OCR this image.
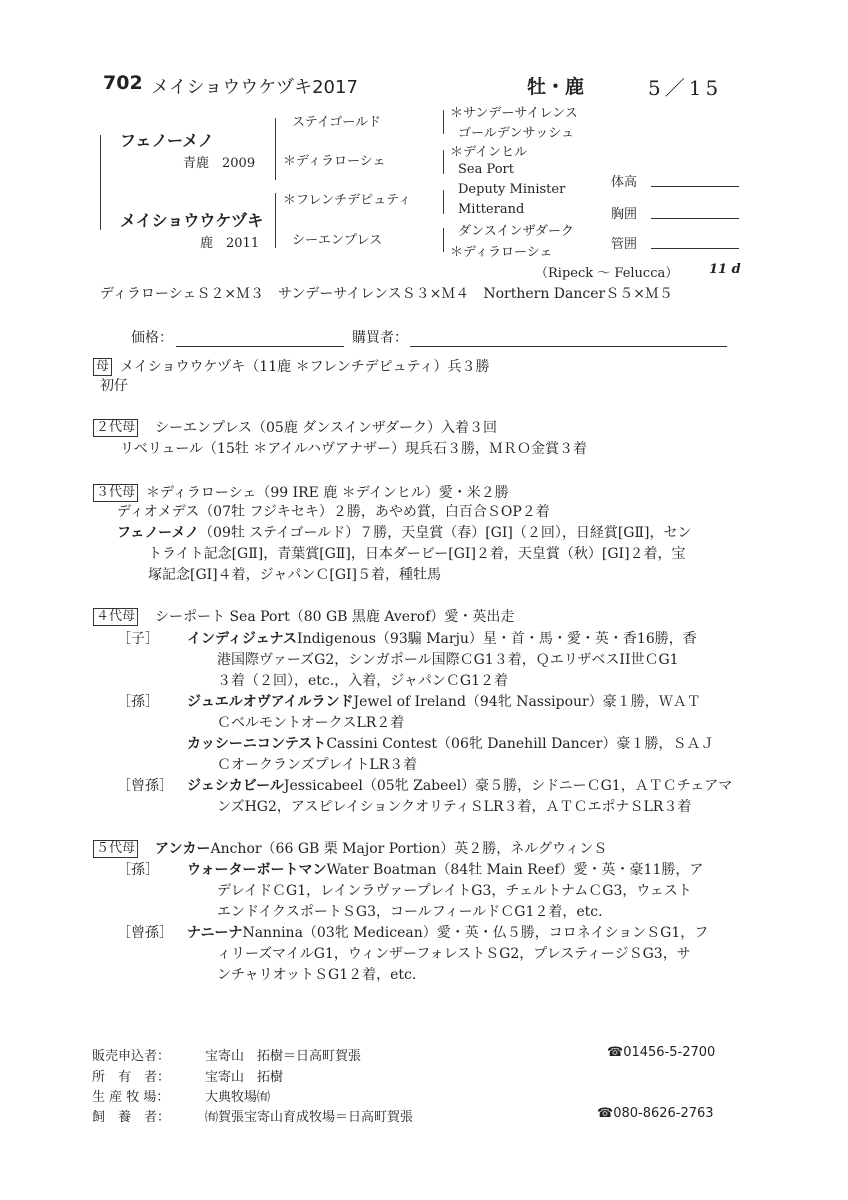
702 メイショウウケヅキ2017	牡・鹿	5／15
フェノーメノ
青鹿　2009
メイショウウケヅキ
鹿　2011
ステイゴールド
＊ディラローシェ
＊フレンチデピュティ
シーエンプレス
＊サンデーサイレンス
ゴールデンサッシュ
＊デインヒル
Sea Port
Deputy Minister
Mitterand
ダンスインザダーク
＊ディラローシェ
体高
胸囲
管囲
（Ripeck ～ Felucca） 11 d
ディラローシェＳ２×Ｍ３　サンデーサイレンスＳ３×Ｍ４　Northern DancerＳ５×Ｍ５
価格：	購買者：
母 メイショウウケヅキ（11鹿 ＊フレンチデピュティ）兵３勝
初仔
２代母 シーエンプレス（05鹿 ダンスインザダーク）入着３回
リベリュール（15牡 ＊アイルハヴアナザー）現兵石３勝，ＭＲＯ金賞３着
３代母 ＊ディラローシェ（99 IRE 鹿 ＊デインヒル）愛・米２勝
ディオメデス（07牡 フジキセキ）２勝，あやめ賞，白百合ＳOP２着
フェノーメノ（09牡 ステイゴールド）７勝，天皇賞（春）[GⅠ]（２回），日経賞[GⅡ]，セン
トライト記念[GⅡ]，青葉賞[GⅡ]，日本ダービー[GⅠ]２着，天皇賞（秋）[GⅠ]２着，宝
塚記念[GⅠ]４着，ジャパンＣ[GⅠ]５着，種牡馬
４代母 シーポート Sea Port（80 GB 黒鹿 Averof）愛・英出走
［子］ インディジェナスIndigenous（93騸 Marju）星・首・馬・愛・英・香16勝，香
港国際ヴァーズG2，シンガポール国際ＣG1３着，ＱエリザベスII世ＣG1
３着（２回），etc.，入着，ジャパンＣG1２着
［孫］ ジュエルオヴアイルランドJewel of Ireland（94牝 Nassipour）豪１勝，ＷＡＴ
ＣベルモントオークスLR２着
カッシーニコンテストCassini Contest（06牝 Danehill Dancer）豪１勝，ＳＡＪ
ＣオークランズプレイトLR３着
［曾孫］ ジェシカビールJessicabeel（05牝 Zabeel）豪５勝，シドニーＣG1，ＡＴＣチェアマ
ンズHG2，アスピレイションクオリティＳLR３着，ＡＴＣエポナＳLR３着
５代母 アンカーAnchor（66 GB 栗 Major Portion）英２勝，ネルグウィンＳ
［孫］ ウォーターボートマンWater Boatman（84牡 Main Reef）愛・英・豪11勝，ア
デレイドＣG1，レインラヴァープレイトG3，チェルトナムＣG3，ウェスト
エンドイクスポートＳG3，コールフィールドＣG1２着，etc.
［曾孫］ ナニーナNannina（03牝 Medicean）愛・英・仏５勝，コロネイションＳG1，フ
ィリーズマイルG1，ウィンザーフォレストＳG2，プレスティージＳG3，サ
ンチャリオットＳG1２着，etc.
販売申込者：	宝寄山　拓樹＝日高町賀張	☎01456-5-2700
所　有　者：	宝寄山　拓樹
生 産 牧 場：	大典牧場㈲
飼　養　者：	㈲賀張宝寄山育成牧場＝日高町賀張	☎080-8626-2763
